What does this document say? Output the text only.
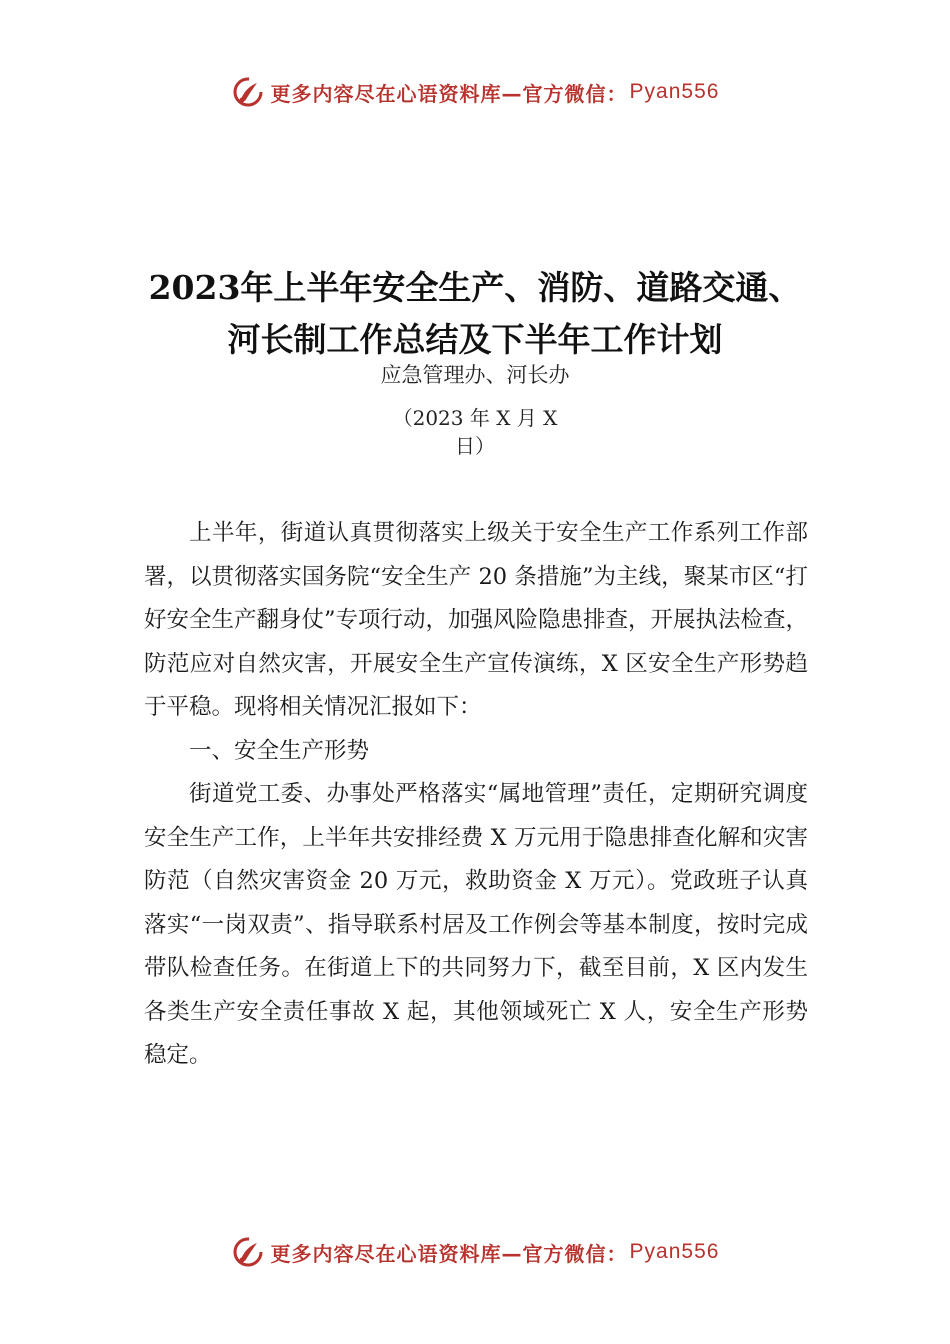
更多内容尽在心语资料库—官方微信： Pyan556
2023年上半年安全生产、消防、道路交通、
河长制工作总结及下半年工作计划
应急管理办、河长办
（2023 年 X 月 X
日）

上半年，街道认真贯彻落实上级关于安全生产工作系列工作部署，以贯彻落实国务院“安全生产 20 条措施”为主线，聚某市区“打好安全生产翻身仗”专项行动，加强风险隐患排查，开展执法检查，防范应对自然灾害，开展安全生产宣传演练，X 区安全生产形势趋于平稳。现将相关情况汇报如下：

一、安全生产形势

街道党工委、办事处严格落实“属地管理”责任，定期研究调度安全生产工作，上半年共安排经费 X 万元用于隐患排查化解和灾害防范（自然灾害资金 20 万元，救助资金 X 万元）。党政班子认真落实“一岗双责”、指导联系村居及工作例会等基本制度，按时完成带队检查任务。在街道上下的共同努力下，截至目前，X 区内发生各类生产安全责任事故 X 起，其他领域死亡 X 人，安全生产形势稳定。

更多内容尽在心语资料库—官方微信： Pyan556
